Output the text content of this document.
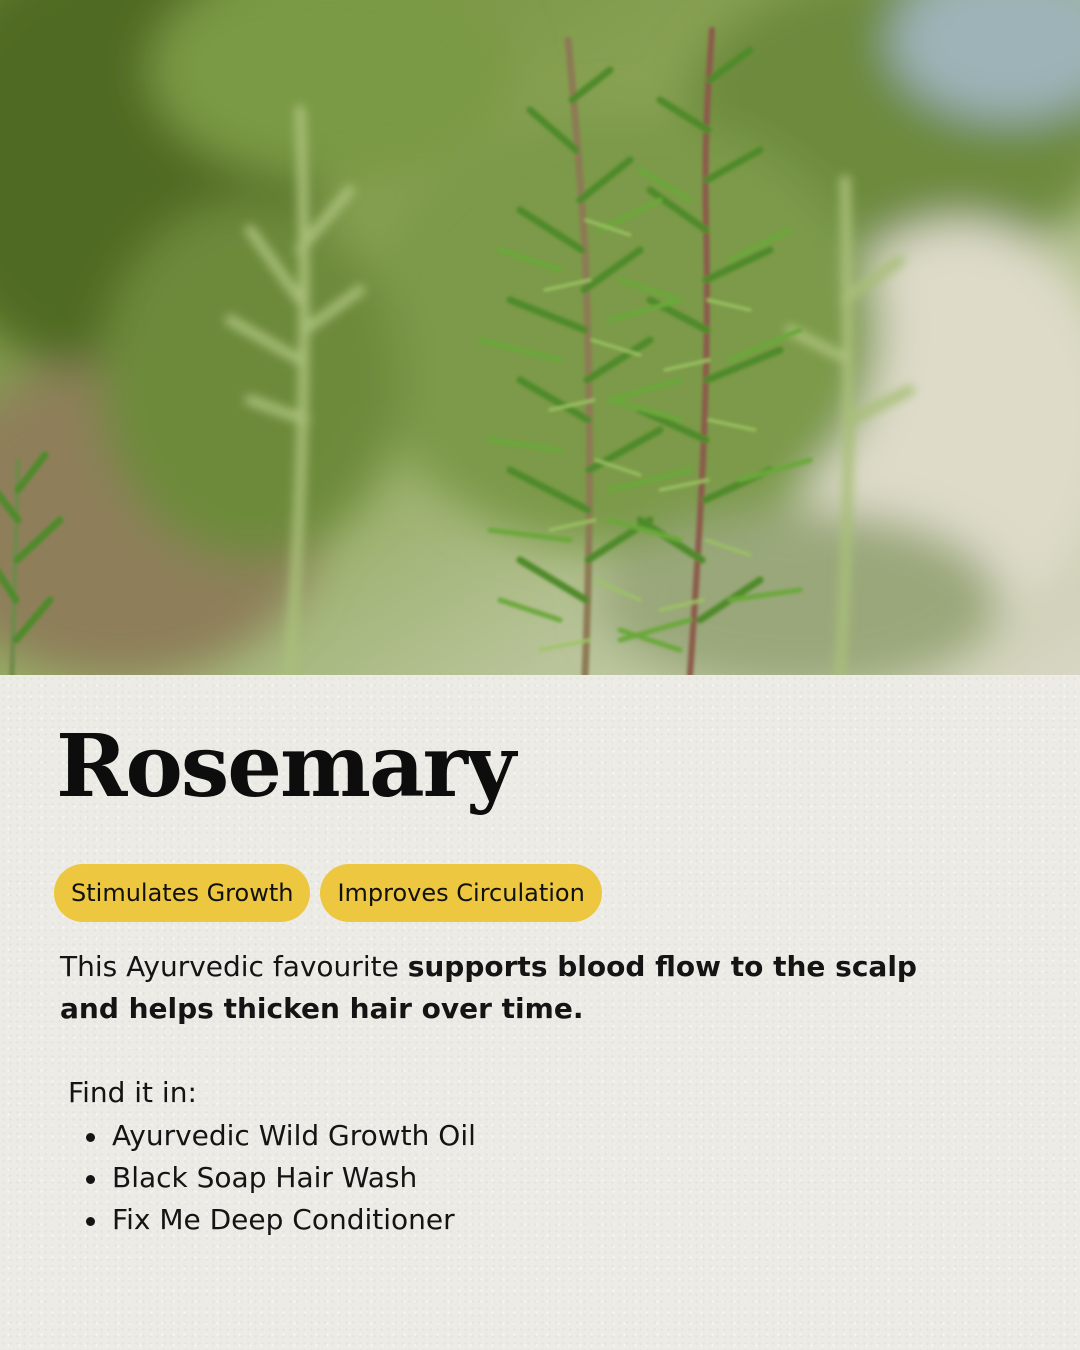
Rosemary
Stimulates Growth	Improves Circulation

This Ayurvedic favourite supports blood flow to the scalp and helps thicken hair over time.

Find it in:

Ayurvedic Wild Growth Oil
Black Soap Hair Wash
Fix Me Deep Conditioner
